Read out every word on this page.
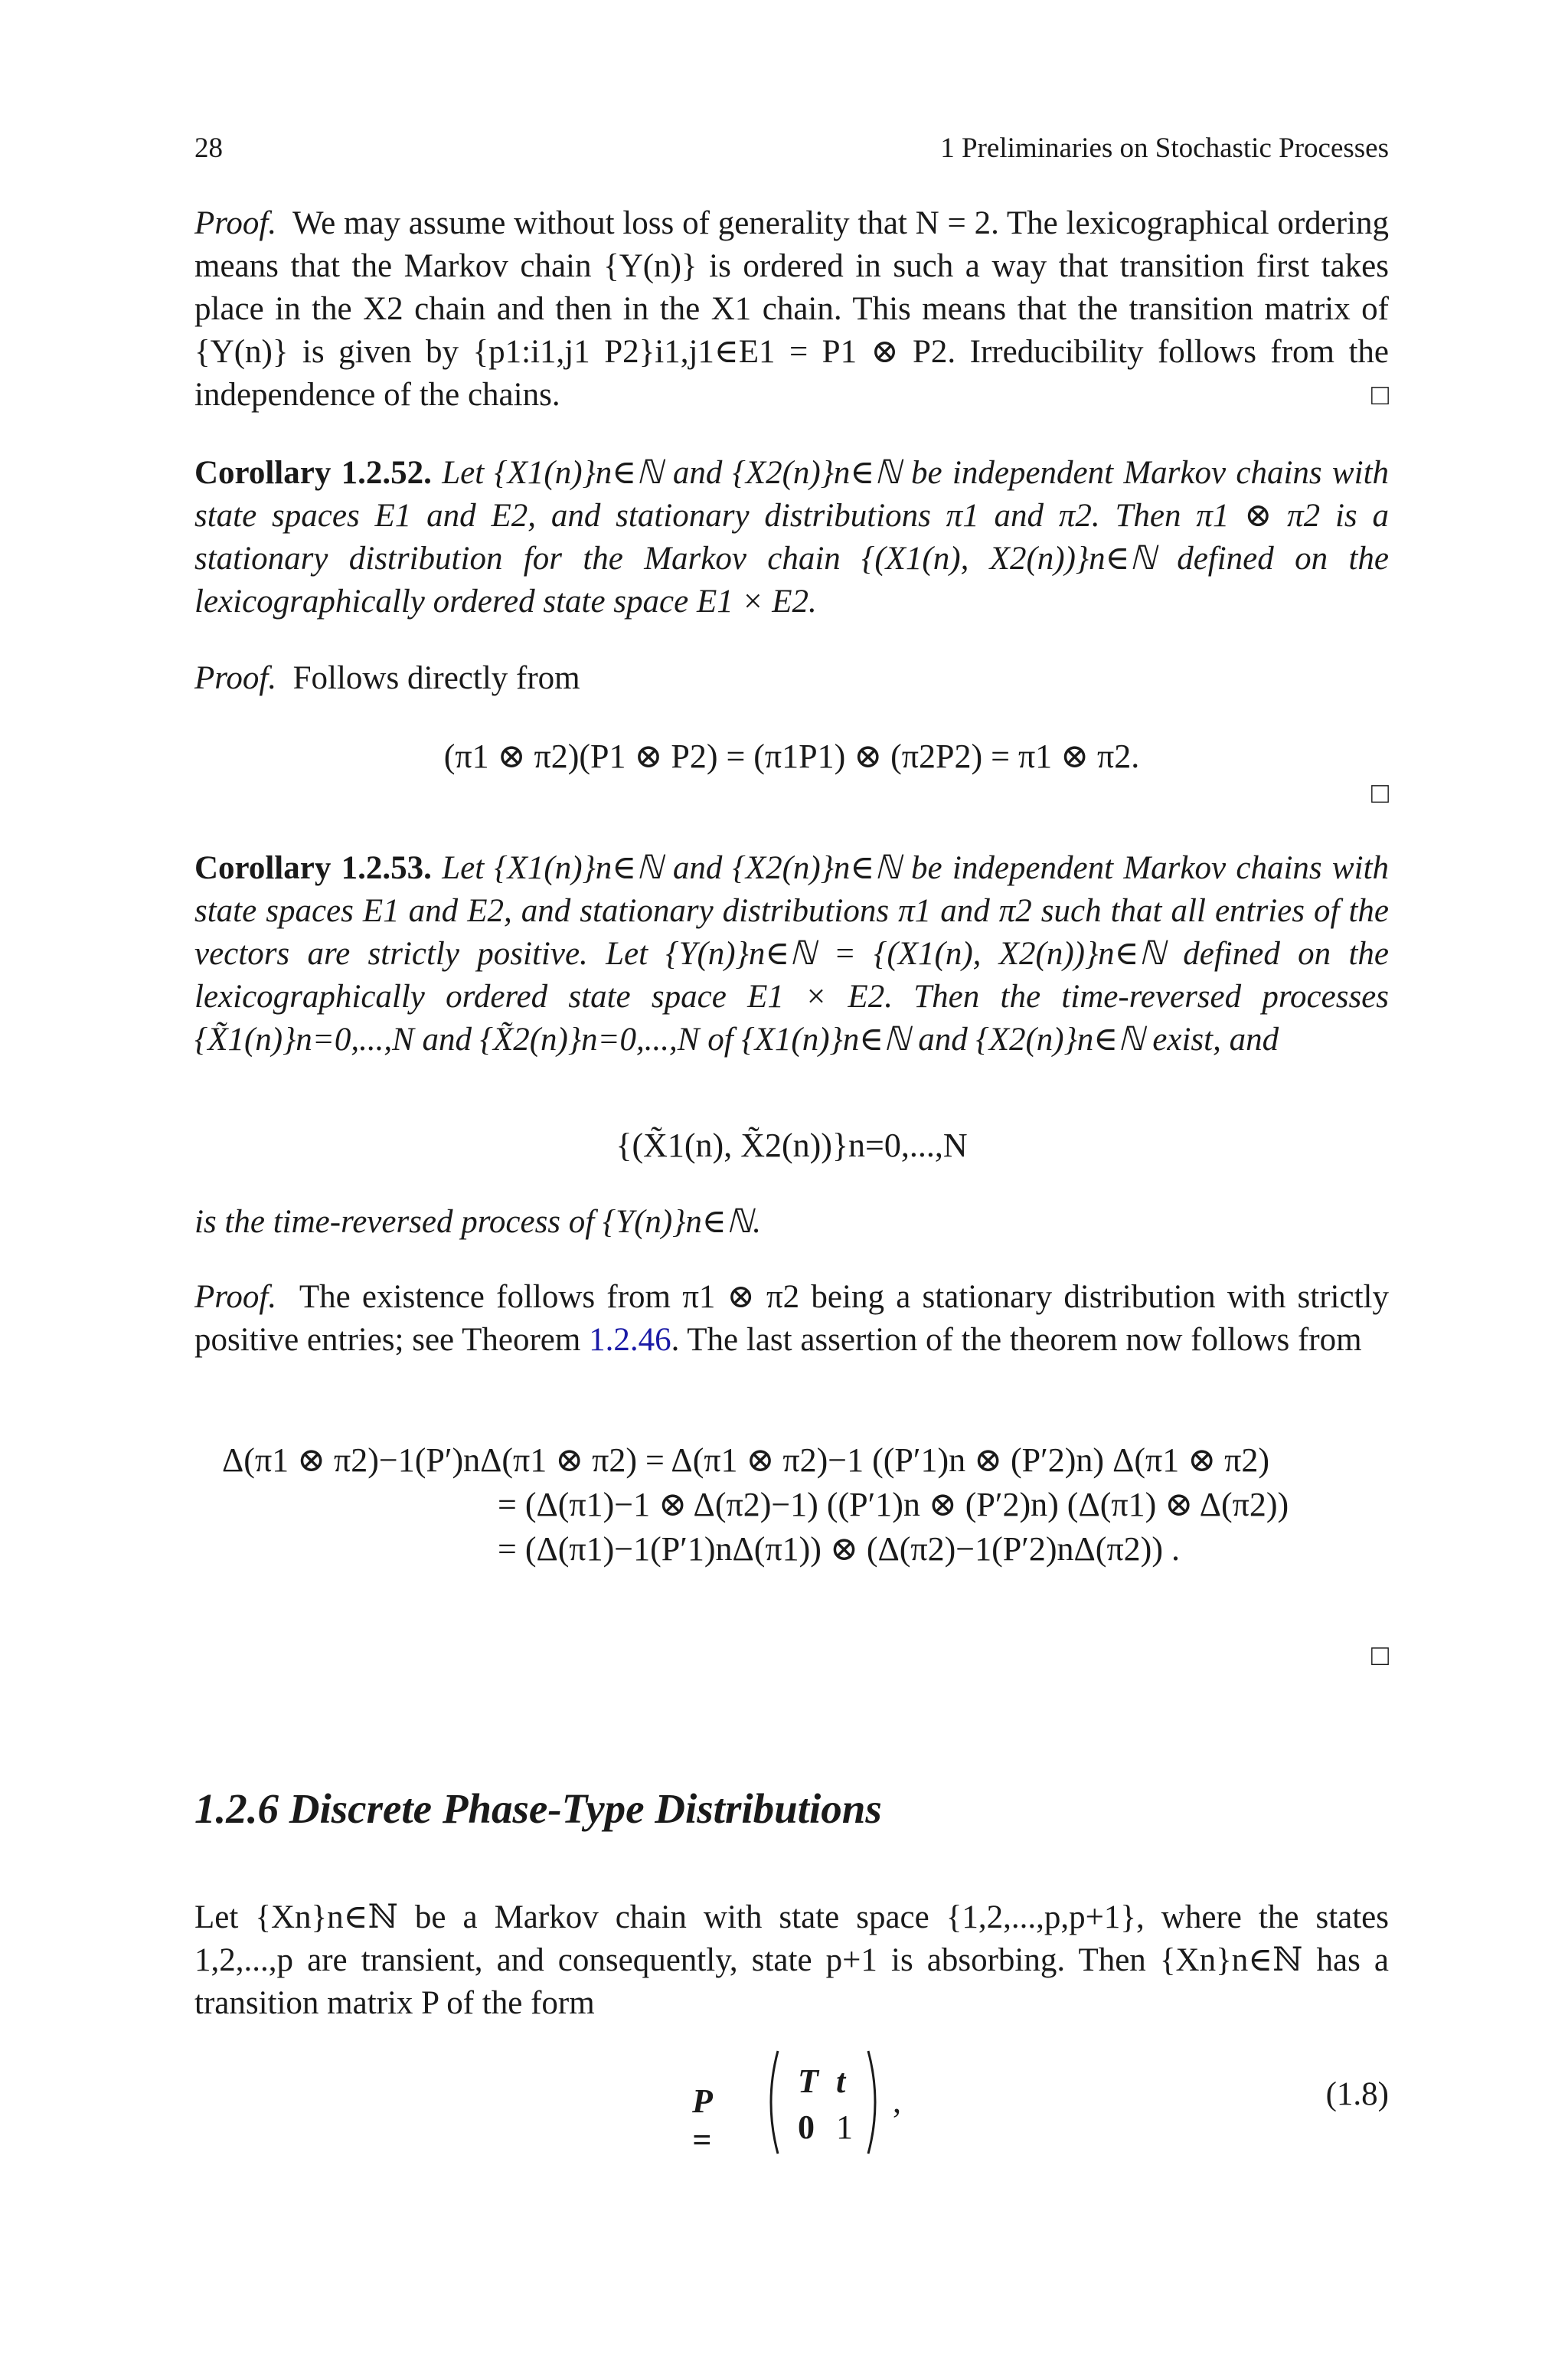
28	1 Preliminaries on Stochastic Processes

Proof. We may assume without loss of generality that N = 2. The lexicographical ordering means that the Markov chain {Y(n)} is ordered in such a way that transition first takes place in the X2 chain and then in the X1 chain. This means that the transition matrix of {Y(n)} is given by {p1:i1,j1 P2}i1,j1∈E1 = P1 ⊗ P2. Irreducibility follows from the independence of the chains.	□

Corollary 1.2.52. Let {X1(n)}n∈ℕ and {X2(n)}n∈ℕ be independent Markov chains with state spaces E1 and E2, and stationary distributions π1 and π2. Then π1 ⊗ π2 is a stationary distribution for the Markov chain {(X1(n), X2(n))}n∈ℕ defined on the lexicographically ordered state space E1 × E2.

Proof. Follows directly from

(π1 ⊗ π2)(P1 ⊗ P2) = (π1P1) ⊗ (π2P2) = π1 ⊗ π2.
□

Corollary 1.2.53. Let {X1(n)}n∈ℕ and {X2(n)}n∈ℕ be independent Markov chains with state spaces E1 and E2, and stationary distributions π1 and π2 such that all entries of the vectors are strictly positive. Let {Y(n)}n∈ℕ = {(X1(n), X2(n))}n∈ℕ defined on the lexicographically ordered state space E1 × E2. Then the time-reversed processes {X̃1(n)}n=0,...,N and {X̃2(n)}n=0,...,N of {X1(n)}n∈ℕ and {X2(n)}n∈ℕ exist, and

{(X̃1(n), X̃2(n))}n=0,...,N

is the time-reversed process of {Y(n)}n∈ℕ.

Proof. The existence follows from π1 ⊗ π2 being a stationary distribution with strictly positive entries; see Theorem 1.2.46. The last assertion of the theorem now follows from

Δ(π1 ⊗ π2)−1(P′)nΔ(π1 ⊗ π2) = Δ(π1 ⊗ π2)−1 ((P′1)n ⊗ (P′2)n) Δ(π1 ⊗ π2)
= (Δ(π1)−1 ⊗ Δ(π2)−1) ((P′1)n ⊗ (P′2)n) (Δ(π1) ⊗ Δ(π2))
= (Δ(π1)−1(P′1)nΔ(π1)) ⊗ (Δ(π2)−1(P′2)nΔ(π2)) .
□
1.2.6 Discrete Phase-Type Distributions

Let {Xn}n∈ℕ be a Markov chain with state space {1,2,...,p,p+1}, where the states 1,2,...,p are transient, and consequently, state p+1 is absorbing. Then {Xn}n∈ℕ has a transition matrix P of the form

P =
T t
0 1
,	(1.8)
